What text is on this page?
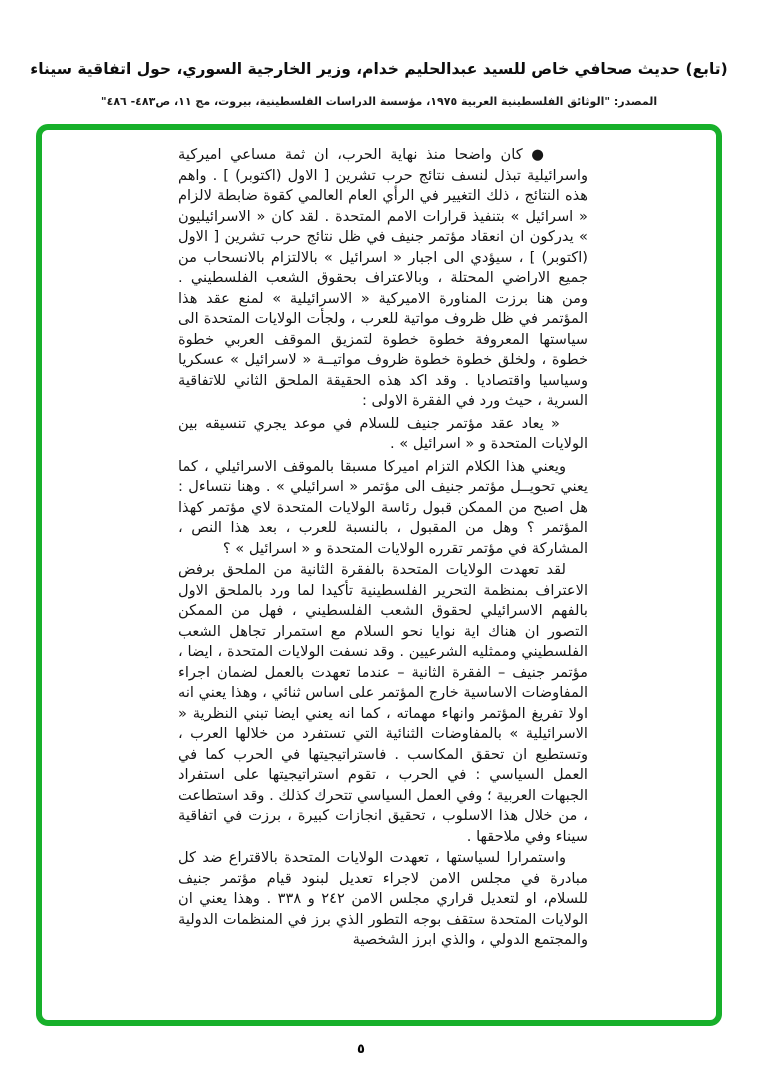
(تابع) حديث صحافي خاص للسيد عبدالحليم خدام، وزير الخارجية السوري، حول اتفاقية سيناء
المصدر: "الوثائق الفلسطينية العربية ١٩٧٥، مؤسسة الدراسات الفلسطينية، بيروت، مج ١١، ص٤٨٣- ٤٨٦"

● كان واضحا منذ نهاية الحرب، ان ثمة مساعي اميركية واسرائيلية تبذل لنسف نتائج حرب تشرين [ الاول (اكتوبر) ] . واهم هذه النتائج ، ذلك التغيير في الرأي العام العالمي كقوة ضابطة لالزام « اسرائيل » بتنفيذ قرارات الامم المتحدة . لقد كان « الاسرائيليون » يدركون ان انعقاد مؤتمر جنيف في ظل نتائج حرب تشرين [ الاول (اكتوبر) ] ، سيؤدي الى اجبار « اسرائيل » بالالتزام بالانسحاب من جميع الاراضي المحتلة ، وبالاعتراف بحقوق الشعب الفلسطيني . ومن هنا برزت المناورة الاميركية « الاسرائيلية » لمنع عقد هذا المؤتمر في ظل ظروف مواتية للعرب ، ولجأت الولايات المتحدة الى سياستها المعروفة خطوة خطوة لتمزيق الموقف العربي خطوة خطوة ، ولخلق خطوة خطوة ظروف مواتيــة « لاسرائيل » عسكريا وسياسيا واقتصاديا . وقد اكد هذه الحقيقة الملحق الثاني للاتفاقية السرية ، حيث ورد في الفقرة الاولى :

« يعاد عقد مؤتمر جنيف للسلام في موعد يجري تنسيقه بين الولايات المتحدة و « اسرائيل » .

ويعني هذا الكلام التزام اميركا مسبقا بالموقف الاسرائيلي ، كما يعني تحويــل مؤتمر جنيف الى مؤتمر « اسرائيلي » . وهنا نتساءل : هل اصبح من الممكن قبول رئاسة الولايات المتحدة لاي مؤتمر كهذا المؤتمر ؟ وهل من المقبول ، بالنسبة للعرب ، بعد هذا النص ، المشاركة في مؤتمر تقرره الولايات المتحدة و « اسرائيل » ؟

لقد تعهدت الولايات المتحدة بالفقرة الثانية من الملحق برفض الاعتراف بمنظمة التحرير الفلسطينية تأكيدا لما ورد بالملحق الاول بالفهم الاسرائيلي لحقوق الشعب الفلسطيني ، فهل من الممكن التصور ان هناك اية نوايا نحو السلام مع استمرار تجاهل الشعب الفلسطيني وممثليه الشرعيين . وقد نسفت الولايات المتحدة ، ايضا ، مؤتمر جنيف – الفقرة الثانية – عندما تعهدت بالعمل لضمان اجراء المفاوضات الاساسية خارج المؤتمر على اساس ثنائي ، وهذا يعني انه اولا تفريغ المؤتمر وانهاء مهماته ، كما انه يعني ايضا تبني النظرية « الاسرائيلية » بالمفاوضات الثنائية التي تستفرد من خلالها العرب ، وتستطيع ان تحقق المكاسب . فاستراتيجيتها في الحرب كما في العمل السياسي : في الحرب ، تقوم استراتيجيتها على استفراد الجبهات العربية ؛ وفي العمل السياسي تتحرك كذلك . وقد استطاعت ، من خلال هذا الاسلوب ، تحقيق انجازات كبيرة ، برزت في اتفاقية سيناء وفي ملاحقها .

واستمرارا لسياستها ، تعهدت الولايات المتحدة بالاقتراع ضد كل مبادرة في مجلس الامن لاجراء تعديل لبنود قيام مؤتمر جنيف للسلام، او لتعديل قراري مجلس الامن ٢٤٢ و ٣٣٨ . وهذا يعني ان الولايات المتحدة ستقف بوجه التطور الذي برز في المنظمات الدولية والمجتمع الدولي ، والذي ابرز الشخصية

٥
